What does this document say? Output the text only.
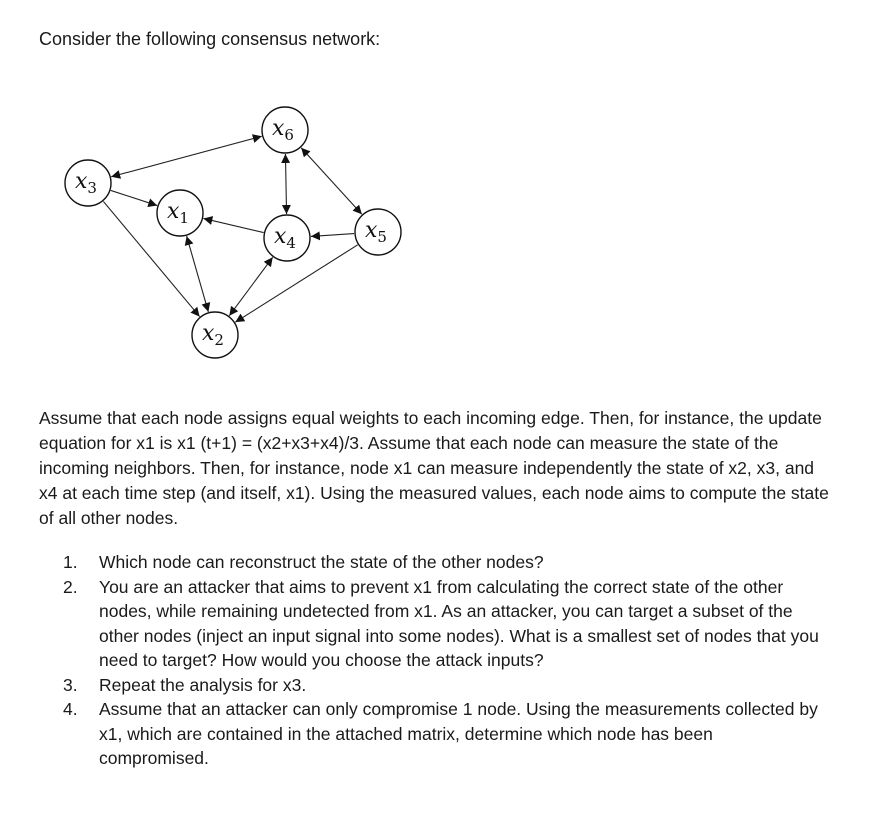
Consider the following consensus network:

$x_3$
$x_1$
$x_6$
$x_4$	$x_5$
$x_2$

Assume that each node assigns equal weights to each incoming edge. Then, for instance, the update equation for x1 is x1 (t+1) = (x2+x3+x4)/3. Assume that each node can measure the state of the incoming neighbors. Then, for instance, node x1 can measure independently the state of x2, x3, and x4 at each time step (and itself, x1). Using the measured values, each node aims to compute the state of all other nodes.

1. Which node can reconstruct the state of the other nodes?
2. You are an attacker that aims to prevent x1 from calculating the correct state of the other nodes, while remaining undetected from x1. As an attacker, you can target a subset of the other nodes (inject an input signal into some nodes). What is a smallest set of nodes that you need to target? How would you choose the attack inputs?
3. Repeat the analysis for x3.
4. Assume that an attacker can only compromise 1 node. Using the measurements collected by x1, which are contained in the attached matrix, determine which node has been compromised.
